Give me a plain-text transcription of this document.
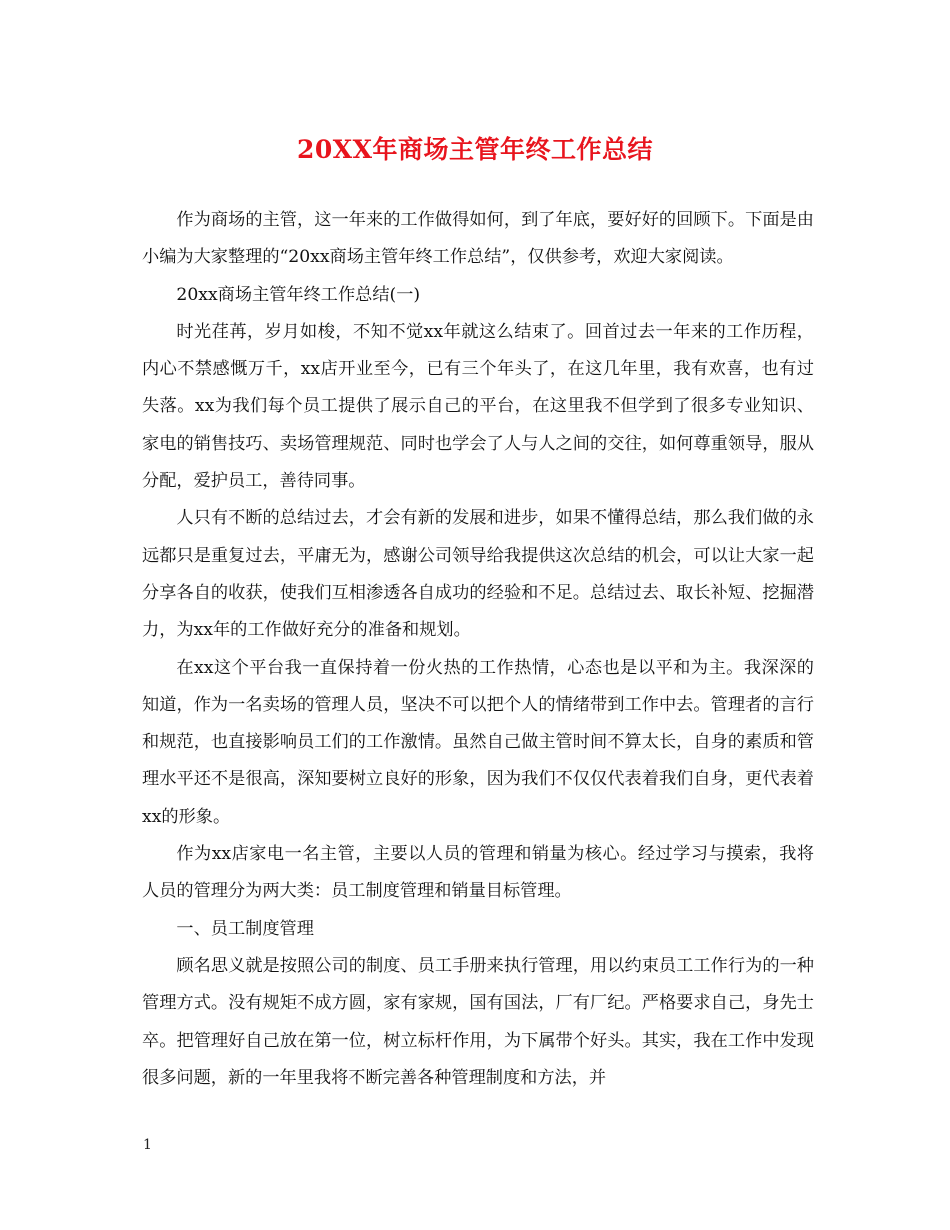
20XX年商场主管年终工作总结

作为商场的主管，这一年来的工作做得如何，到了年底，要好好的回顾下。下面是由小编为大家整理的“20xx商场主管年终工作总结”，仅供参考，欢迎大家阅读。

20xx商场主管年终工作总结(一)

时光荏苒，岁月如梭，不知不觉xx年就这么结束了。回首过去一年来的工作历程，内心不禁感慨万千，xx店开业至今，已有三个年头了，在这几年里，我有欢喜，也有过失落。xx为我们每个员工提供了展示自己的平台，在这里我不但学到了很多专业知识、家电的销售技巧、卖场管理规范、同时也学会了人与人之间的交往，如何尊重领导，服从分配，爱护员工，善待同事。

人只有不断的总结过去，才会有新的发展和进步，如果不懂得总结，那么我们做的永远都只是重复过去，平庸无为，感谢公司领导给我提供这次总结的机会，可以让大家一起分享各自的收获，使我们互相渗透各自成功的经验和不足。总结过去、取长补短、挖掘潜力，为xx年的工作做好充分的准备和规划。

在xx这个平台我一直保持着一份火热的工作热情，心态也是以平和为主。我深深的知道，作为一名卖场的管理人员，坚决不可以把个人的情绪带到工作中去。管理者的言行和规范，也直接影响员工们的工作激情。虽然自己做主管时间不算太长，自身的素质和管理水平还不是很高，深知要树立良好的形象，因为我们不仅仅代表着我们自身，更代表着xx的形象。

作为xx店家电一名主管，主要以人员的管理和销量为核心。经过学习与摸索，我将人员的管理分为两大类：员工制度管理和销量目标管理。

一、员工制度管理

顾名思义就是按照公司的制度、员工手册来执行管理，用以约束员工工作行为的一种管理方式。没有规矩不成方圆，家有家规，国有国法，厂有厂纪。严格要求自己，身先士卒。把管理好自己放在第一位，树立标杆作用，为下属带个好头。其实，我在工作中发现很多问题，新的一年里我将不断完善各种管理制度和方法，并

1
